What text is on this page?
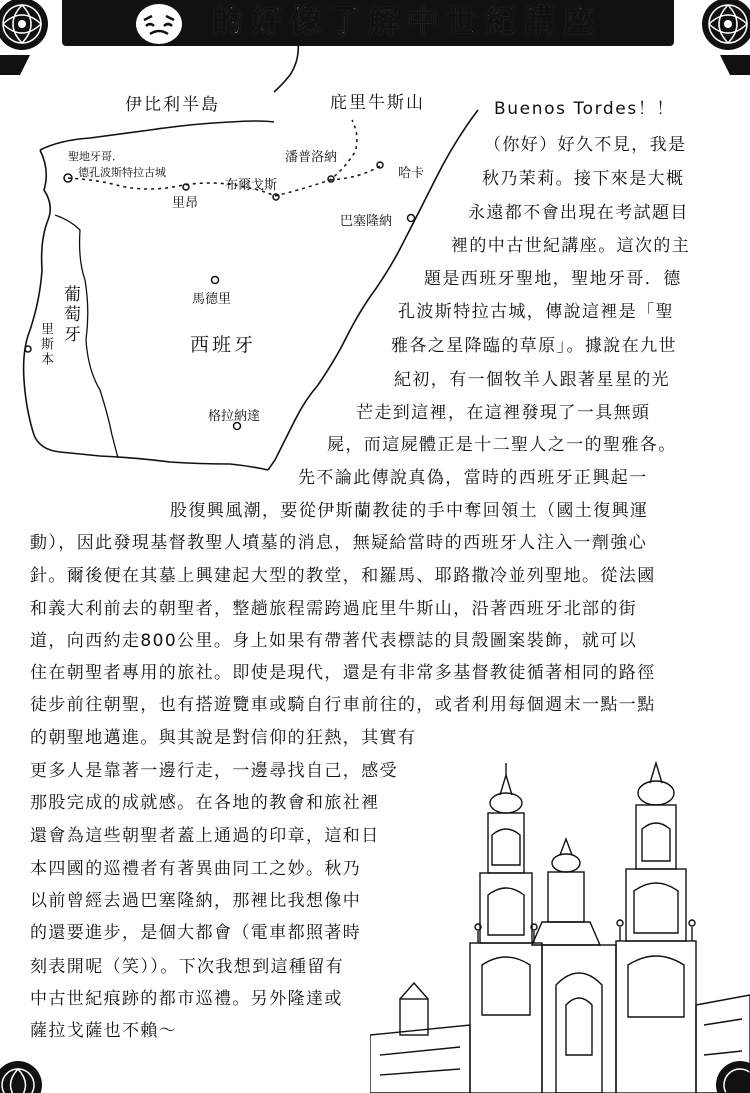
的好像了解中世紀講座
伊比利半島	庇里牛斯山
聖地牙哥．
德孔波斯特拉古城
里昂
布爾戈斯
潘普洛納
哈卡
巴塞隆納
馬德里
西班牙
格拉納達
葡萄牙
里斯本
Buenos Tordes！！
（你好）好久不見，我是
秋乃茉莉。接下來是大概
永遠都不會出現在考試題目
裡的中古世紀講座。這次的主
題是西班牙聖地，聖地牙哥．德
孔波斯特拉古城，傳說這裡是「聖
雅各之星降臨的草原」。據說在九世
紀初，有一個牧羊人跟著星星的光
芒走到這裡，在這裡發現了一具無頭
屍，而這屍體正是十二聖人之一的聖雅各。
先不論此傳說真偽，當時的西班牙正興起一
股復興風潮，要從伊斯蘭教徒的手中奪回領土（國土復興運
動），因此發現基督教聖人墳墓的消息，無疑給當時的西班牙人注入一劑強心
針。爾後便在其墓上興建起大型的教堂，和羅馬、耶路撒冷並列聖地。從法國
和義大利前去的朝聖者，整趟旅程需跨過庇里牛斯山，沿著西班牙北部的街
道，向西約走800公里。身上如果有帶著代表標誌的貝殼圖案裝飾，就可以
住在朝聖者專用的旅社。即使是現代，還是有非常多基督教徒循著相同的路徑
徒步前往朝聖，也有搭遊覽車或騎自行車前往的，或者利用每個週末一點一點
的朝聖地邁進。與其說是對信仰的狂熱，其實有
更多人是靠著一邊行走，一邊尋找自己，感受
那股完成的成就感。在各地的教會和旅社裡
還會為這些朝聖者蓋上通過的印章，這和日
本四國的巡禮者有著異曲同工之妙。秋乃
以前曾經去過巴塞隆納，那裡比我想像中
的還要進步，是個大都會（電車都照著時
刻表開呢（笑））。下次我想到這種留有
中古世紀痕跡的都市巡禮。另外隆達或
薩拉戈薩也不賴～
